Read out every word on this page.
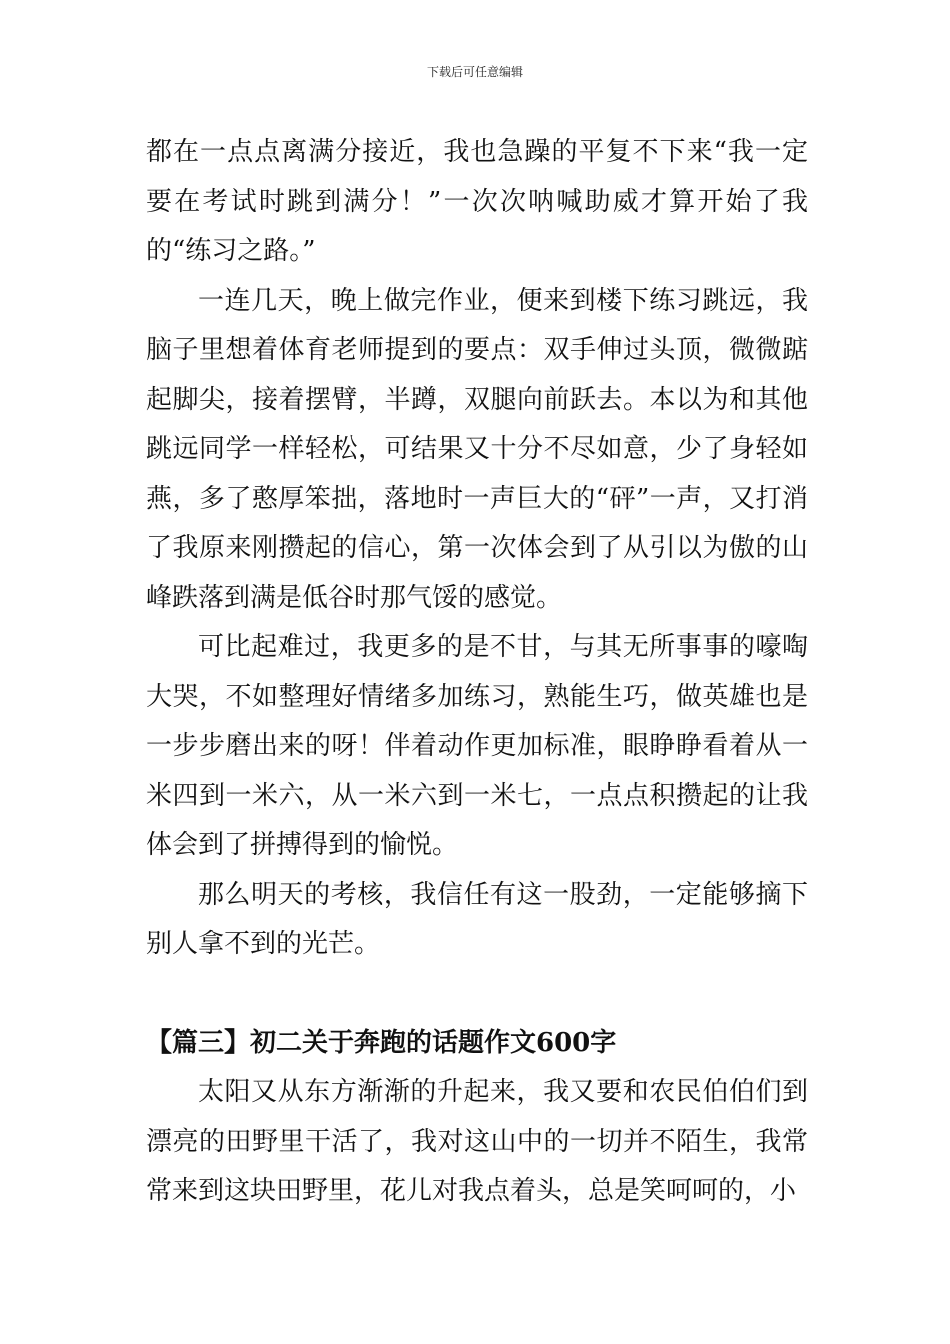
下载后可任意编辑

都在一点点离满分接近，我也急躁的平复不下来“我一定要在考试时跳到满分！”一次次呐喊助威才算开始了我的“练习之路。”

一连几天，晚上做完作业，便来到楼下练习跳远，我脑子里想着体育老师提到的要点：双手伸过头顶，微微踮起脚尖，接着摆臂，半蹲，双腿向前跃去。本以为和其他跳远同学一样轻松，可结果又十分不尽如意，少了身轻如燕，多了憨厚笨拙，落地时一声巨大的“砰”一声，又打消了我原来刚攒起的信心，第一次体会到了从引以为傲的山峰跌落到满是低谷时那气馁的感觉。

可比起难过，我更多的是不甘，与其无所事事的嚎啕大哭，不如整理好情绪多加练习，熟能生巧，做英雄也是一步步磨出来的呀！伴着动作更加标准，眼睁睁看着从一米四到一米六，从一米六到一米七，一点点积攒起的让我体会到了拼搏得到的愉悦。

那么明天的考核，我信任有这一股劲，一定能够摘下别人拿不到的光芒。

【篇三】初二关于奔跑的话题作文600字

太阳又从东方渐渐的升起来，我又要和农民伯伯们到漂亮的田野里干活了，我对这山中的一切并不陌生，我常常来到这块田野里，花儿对我点着头，总是笑呵呵的，小
